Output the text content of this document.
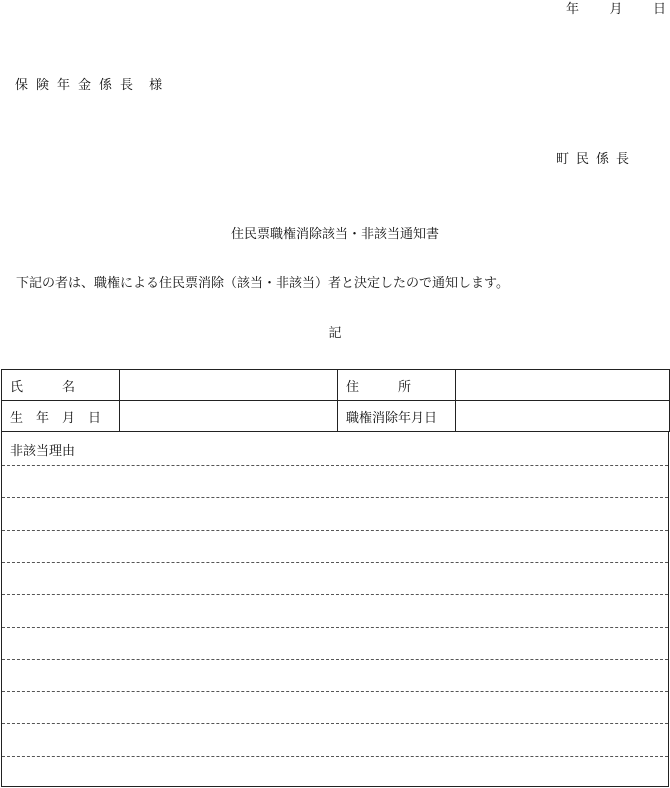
年 月 日
保険年金係長 様
町民係長
住民票職権消除該当・非該当通知書
下記の者は、職権による住民票消除（該当・非該当）者と決定したので通知します。
記
氏　　　名		住　　　所	
生　年　月　日		職権消除年月日	
非該当理由
